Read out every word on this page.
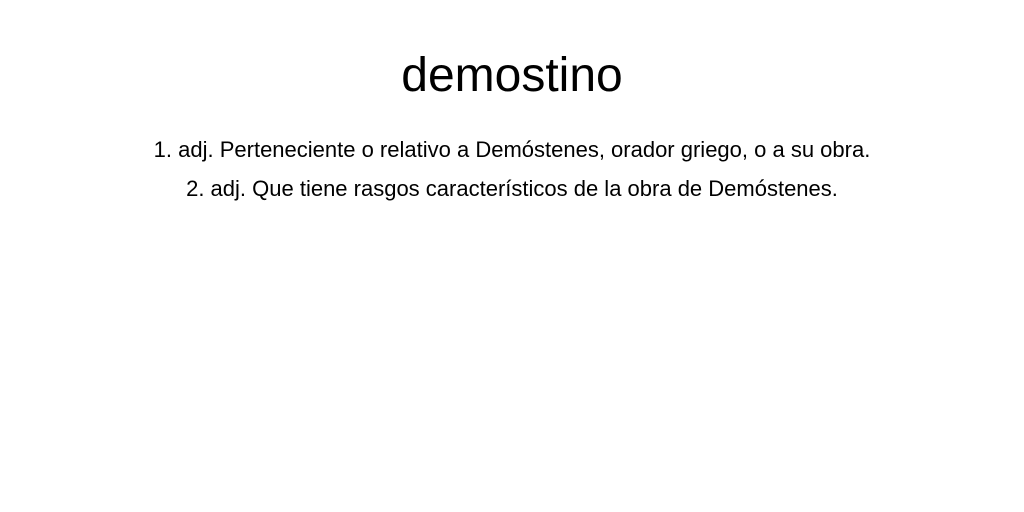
demostino
1. adj. Perteneciente o relativo a Demóstenes, orador griego, o a su obra.
2. adj. Que tiene rasgos característicos de la obra de Demóstenes.
